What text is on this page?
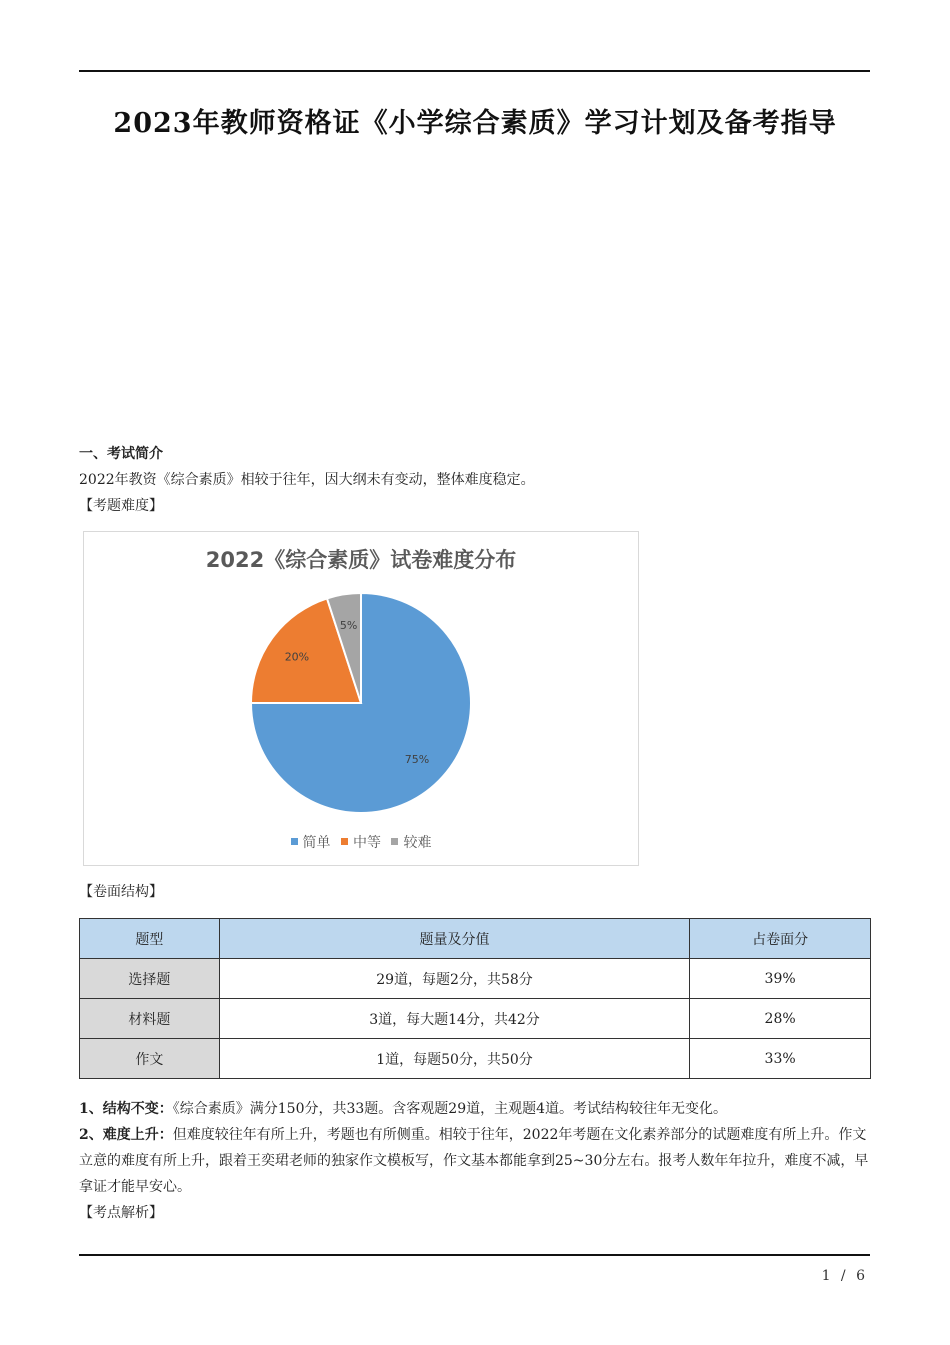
2023年教师资格证《小学综合素质》学习计划及备考指导
一、考试简介
2022年教资《综合素质》相较于往年，因大纲未有变动，整体难度稳定。
【考题难度】
2022《综合素质》试卷难度分布
75%
20%
5%
简单 中等 较难
【卷面结构】
题型	题量及分值	占卷面分
选择题	29道，每题2分，共58分	39%
材料题	3道，每大题14分，共42分	28%
作文	1道，每题50分，共50分	33%
1、结构不变：《综合素质》满分150分，共33题。含客观题29道，主观题4道。考试结构较往年无变化。
2、难度上升：但难度较往年有所上升，考题也有所侧重。相较于往年，2022年考题在文化素养部分的试题难度有所上升。作文立意的难度有所上升，跟着王奕珺老师的独家作文模板写，作文基本都能拿到25~30分左右。报考人数年年拉升，难度不减，早拿证才能早安心。
【考点解析】
1 / 6
